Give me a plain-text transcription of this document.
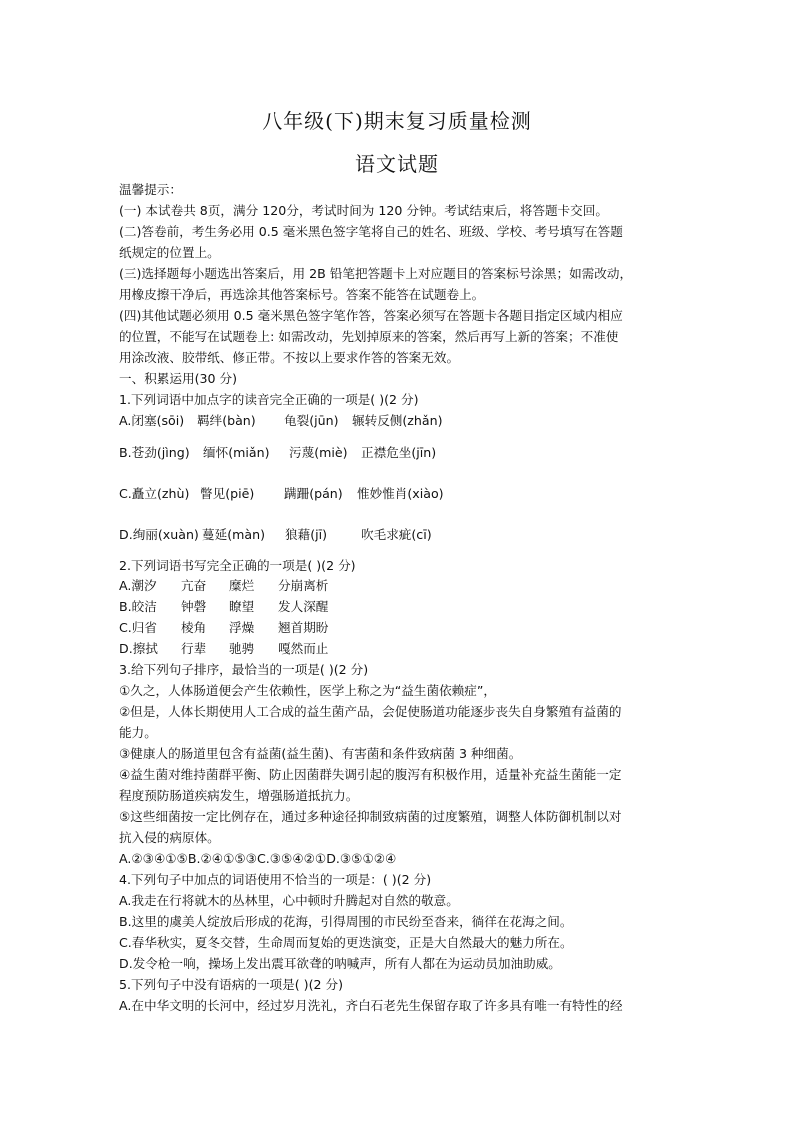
八年级(下)期末复习质量检测
语文试题
温馨提示：
(一) 本试卷共 8页，满分 120分，考试时间为 120 分钟。考试结束后，将答题卡交回。
(二)答卷前，考生务必用 0.5 毫米黑色签字笔将自己的姓名、班级、学校、考号填写在答题
纸规定的位置上。
(三)选择题每小题选出答案后，用 2B 铅笔把答题卡上对应题目的答案标号涂黑；如需改动，
用橡皮擦干净后，再选涂其他答案标号。答案不能答在试题卷上。
(四)其他试题必须用 0.5 毫米黑色签字笔作答，答案必须写在答题卡各题目指定区域内相应
的位置，不能写在试题卷上: 如需改动，先划掉原来的答案，然后再写上新的答案；不准使
用涂改液、胶带纸、修正带。不按以上要求作答的答案无效。
一、积累运用(30 分)
1.下列词语中加点字的读音完全正确的一项是( )(2 分)
A.闭塞(sōi) 羁绊(bàn) 龟裂(jūn) 辗转反侧(zhǎn)
B.苍劲(jìng) 缅怀(miǎn) 污蔑(miè) 正襟危坐(jīn)
C.矗立(zhù) 瞥见(piē) 蹒跚(pán) 惟妙惟肖(xiào)
D.绚丽(xuàn) 蔓延(màn) 狼藉(jī)	吹毛求疵(cī)
2.下列词语书写完全正确的一项是( )(2 分)
A.潮汐 亢奋 糜烂 分崩离析
B.皎洁 钟磬 瞭望 发人深醒
C.归省 棱角 浮燥 翘首期盼
D.擦拭 行辈 驰骋 嘎然而止
3.给下列句子排序，最恰当的一项是( )(2 分)
①久之，人体肠道便会产生依赖性，医学上称之为“益生菌依赖症”，
②但是，人体长期使用人工合成的益生菌产品，会促使肠道功能逐步丧失自身繁殖有益菌的
能力。
③健康人的肠道里包含有益菌(益生菌)、有害菌和条件致病菌 3 种细菌。
④益生菌对维持菌群平衡、防止因菌群失调引起的腹泻有积极作用，适量补充益生菌能一定
程度预防肠道疾病发生，增强肠道抵抗力。
⑤这些细菌按一定比例存在，通过多种途径抑制致病菌的过度繁殖，调整人体防御机制以对
抗入侵的病原体。
A.②③④①⑤B.②④①⑤③C.③⑤④②①D.③⑤①②④
4.下列句子中加点的词语使用不恰当的一项是：( )(2 分)
A.我走在行将就木的丛林里，心中顿时升腾起对自然的敬意。
B.这里的虞美人绽放后形成的花海，引得周围的市民纷至沓来，徜徉在花海之间。
C.春华秋实，夏冬交替，生命周而复始的更迭演变，正是大自然最大的魅力所在。
D.发令枪一响，操场上发出震耳欲聋的呐喊声，所有人都在为运动员加油助威。
5.下列句子中没有语病的一项是( )(2 分)
A.在中华文明的长河中，经过岁月洗礼，齐白石老先生保留存取了许多具有唯一有特性的经
